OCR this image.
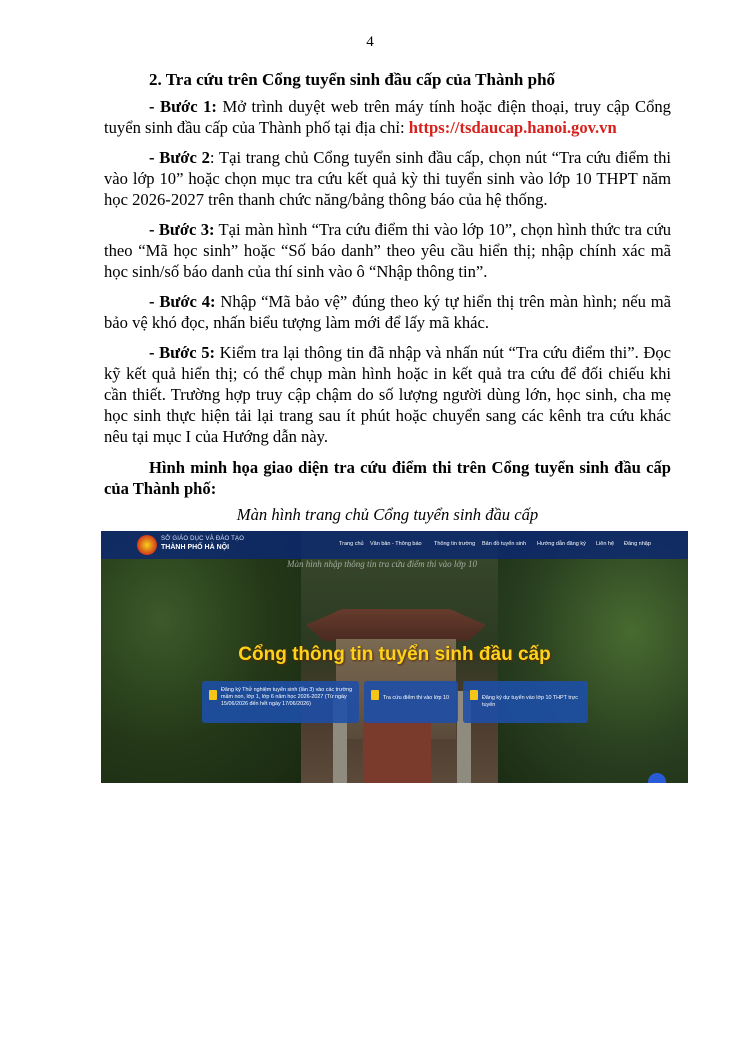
4
2. Tra cứu trên Cổng tuyển sinh đầu cấp của Thành phố

- Bước 1: Mở trình duyệt web trên máy tính hoặc điện thoại, truy cập Cổng tuyển sinh đầu cấp của Thành phố tại địa chỉ: https://tsdaucap.hanoi.gov.vn

- Bước 2: Tại trang chủ Cổng tuyển sinh đầu cấp, chọn nút “Tra cứu điểm thi vào lớp 10” hoặc chọn mục tra cứu kết quả kỳ thi tuyển sinh vào lớp 10 THPT năm học 2026-2027 trên thanh chức năng/bảng thông báo của hệ thống.

- Bước 3: Tại màn hình “Tra cứu điểm thi vào lớp 10”, chọn hình thức tra cứu theo “Mã học sinh” hoặc “Số báo danh” theo yêu cầu hiển thị; nhập chính xác mã học sinh/số báo danh của thí sinh vào ô “Nhập thông tin”.

- Bước 4: Nhập “Mã bảo vệ” đúng theo ký tự hiển thị trên màn hình; nếu mã bảo vệ khó đọc, nhấn biểu tượng làm mới để lấy mã khác.

- Bước 5: Kiểm tra lại thông tin đã nhập và nhấn nút “Tra cứu điểm thi”. Đọc kỹ kết quả hiển thị; có thể chụp màn hình hoặc in kết quả tra cứu để đối chiếu khi cần thiết. Trường hợp truy cập chậm do số lượng người dùng lớn, học sinh, cha mẹ học sinh thực hiện tải lại trang sau ít phút hoặc chuyển sang các kênh tra cứu khác nêu tại mục I của Hướng dẫn này.

Hình minh họa giao diện tra cứu điểm thi trên Cổng tuyển sinh đầu cấp của Thành phố:

Màn hình trang chủ Cổng tuyển sinh đầu cấp

SỞ GIÁO DỤC VÀ ĐÀO TẠO
THÀNH PHỐ HÀ NỘI	Trang chủ Văn bản - Thông báo Thông tin trường Bản đồ tuyển sinh Hướng dẫn đăng ký Liên hệ Đăng nhập
Màn hình nhập thông tin tra cứu điểm thi vào lớp 10
Cổng thông tin tuyển sinh đầu cấp
Đăng ký Thử nghiệm tuyển sinh (lần 3) vào các trường mầm non, lớp 1, lớp 6 năm học 2026-2027 (Từ ngày 15/06/2026 đến hết ngày 17/06/2026)
Tra cứu điểm thi vào lớp 10	Đăng ký dự tuyển vào lớp 10 THPT trực tuyến
